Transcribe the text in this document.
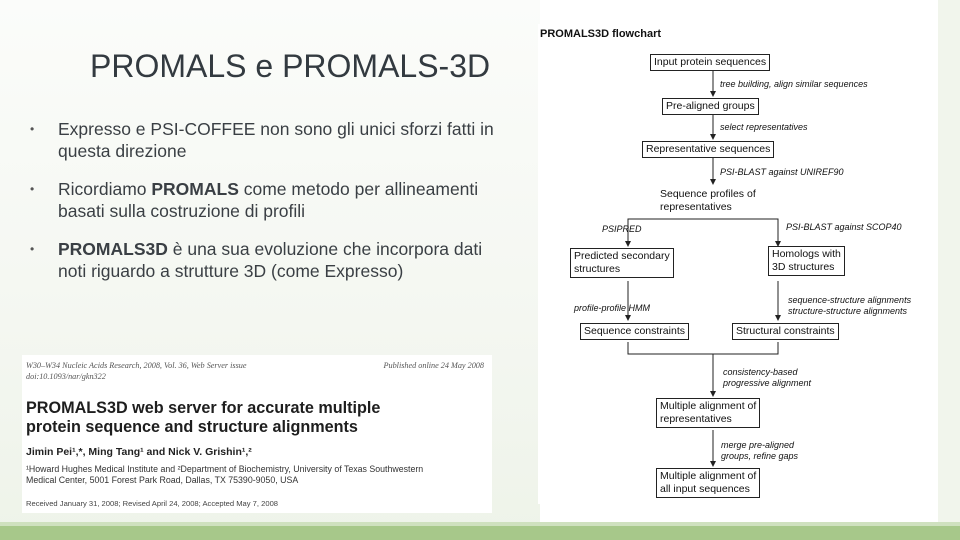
PROMALS e PROMALS-3D
• Expresso e PSI-COFFEE non sono gli unici sforzi fatti in questa direzione
• Ricordiamo PROMALS come metodo per allineamenti basati sulla costruzione di profili
• PROMALS3D è una sua evoluzione che incorpora dati noti riguardo a strutture 3D (come Expresso)
W30–W34 Nucleic Acids Research, 2008, Vol. 36, Web Server issue	Published online 24 May 2008
doi:10.1093/nar/gkn322
PROMALS3D web server for accurate multiple
protein sequence and structure alignments
Jimin Pei¹,*, Ming Tang¹ and Nick V. Grishin¹,²
¹Howard Hughes Medical Institute and ²Department of Biochemistry, University of Texas Southwestern
Medical Center, 5001 Forest Park Road, Dallas, TX 75390-9050, USA
Received January 31, 2008; Revised April 24, 2008; Accepted May 7, 2008
PROMALS3D flowchart
Input protein sequences
tree building, align similar sequences
Pre-aligned groups
select representatives
Representative sequences
PSI-BLAST against UNIREF90
Sequence profiles of
representatives
PSIPRED	PSI-BLAST against SCOP40
Predicted secondary
structures
Homologs with
3D structures
profile-profile HMM
sequence-structure alignments
structure-structure alignments
Sequence constraints	Structural constraints
consistency-based
progressive alignment
Multiple alignment of
representatives
merge pre-aligned
groups, refine gaps
Multiple alignment of
all input sequences
